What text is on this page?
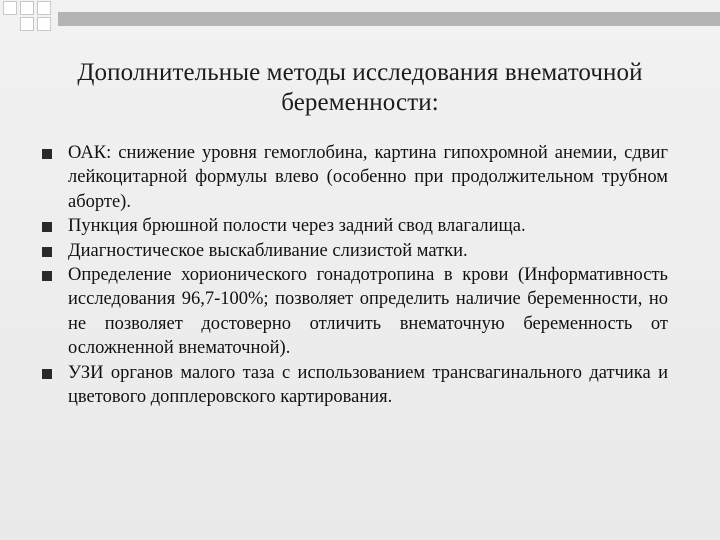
Дополнительные методы исследования внематочной
беременности:
ОАК: снижение уровня гемоглобина, картина гипохромной анемии, сдвиг лейкоцитарной формулы влево (особенно при продолжительном трубном аборте).
Пункция брюшной полости через задний свод влагалища.
Диагностическое выскабливание слизистой матки.
Определение хорионического гонадотропина в крови (Информативность исследования 96,7-100%; позволяет определить наличие беременности, но не позволяет достоверно отличить внематочную беременность от осложненной внематочной).
УЗИ органов малого таза с использованием трансвагинального датчика и цветового допплеровского картирования.
